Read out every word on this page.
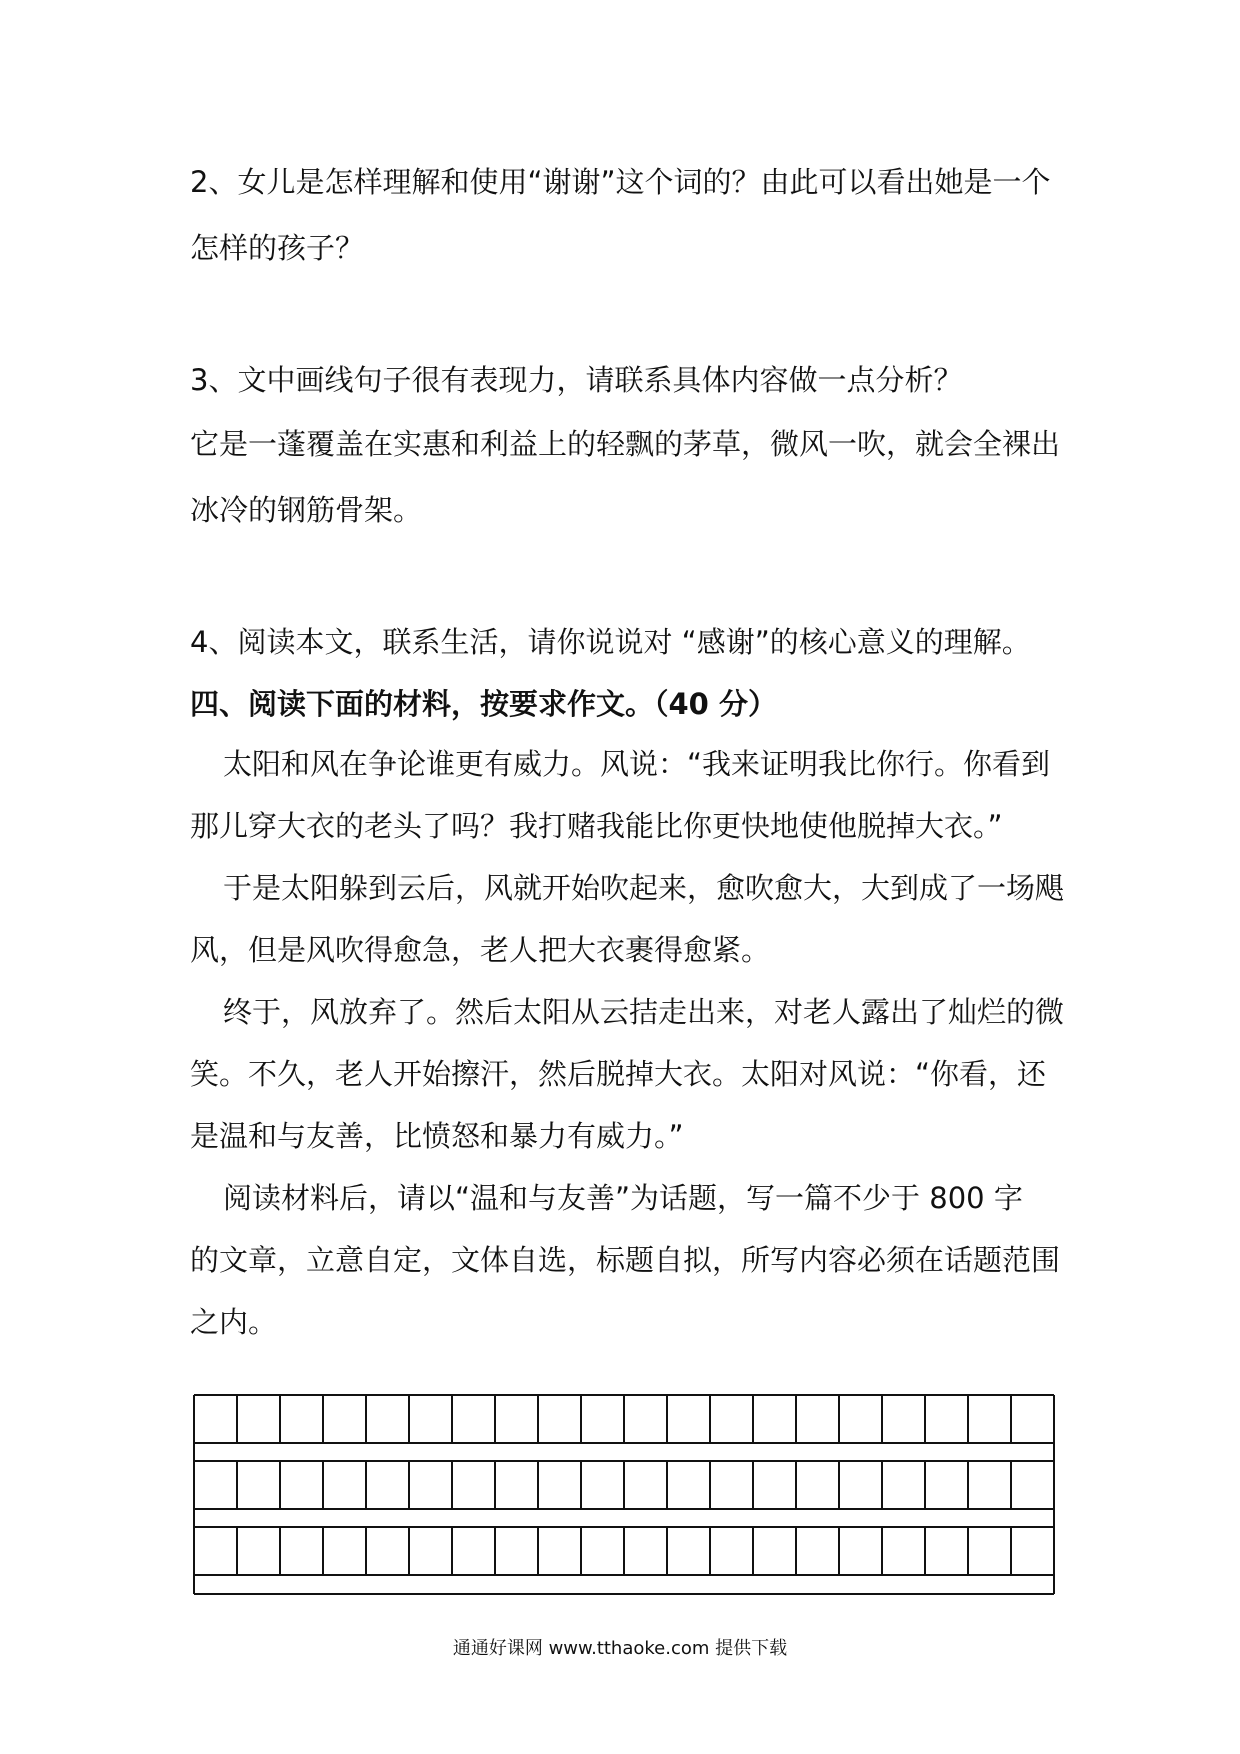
2、女儿是怎样理解和使用“谢谢”这个词的？由此可以看出她是一个
怎样的孩子？
3、文中画线句子很有表现力，请联系具体内容做一点分析？
它是一蓬覆盖在实惠和利益上的轻飘的茅草，微风一吹，就会全裸出
冰冷的钢筋骨架。
4、阅读本文，联系生活，请你说说对 “感谢”的核心意义的理解。
四、阅读下面的材料，按要求作文。（40 分）
太阳和风在争论谁更有威力。风说：“我来证明我比你行。你看到
那儿穿大衣的老头了吗？我打赌我能比你更快地使他脱掉大衣。”
于是太阳躲到云后，风就开始吹起来，愈吹愈大，大到成了一场飓
风，但是风吹得愈急，老人把大衣裹得愈紧。
终于，风放弃了。然后太阳从云拮走出来，对老人露出了灿烂的微
笑。不久，老人开始擦汗，然后脱掉大衣。太阳对风说：“你看，还
是温和与友善，比愤怒和暴力有威力。”
阅读材料后，请以“温和与友善”为话题，写一篇不少于 800 字
的文章，立意自定，文体自选，标题自拟，所写内容必须在话题范围
之内。
通通好课网 www.tthaoke.com 提供下载
